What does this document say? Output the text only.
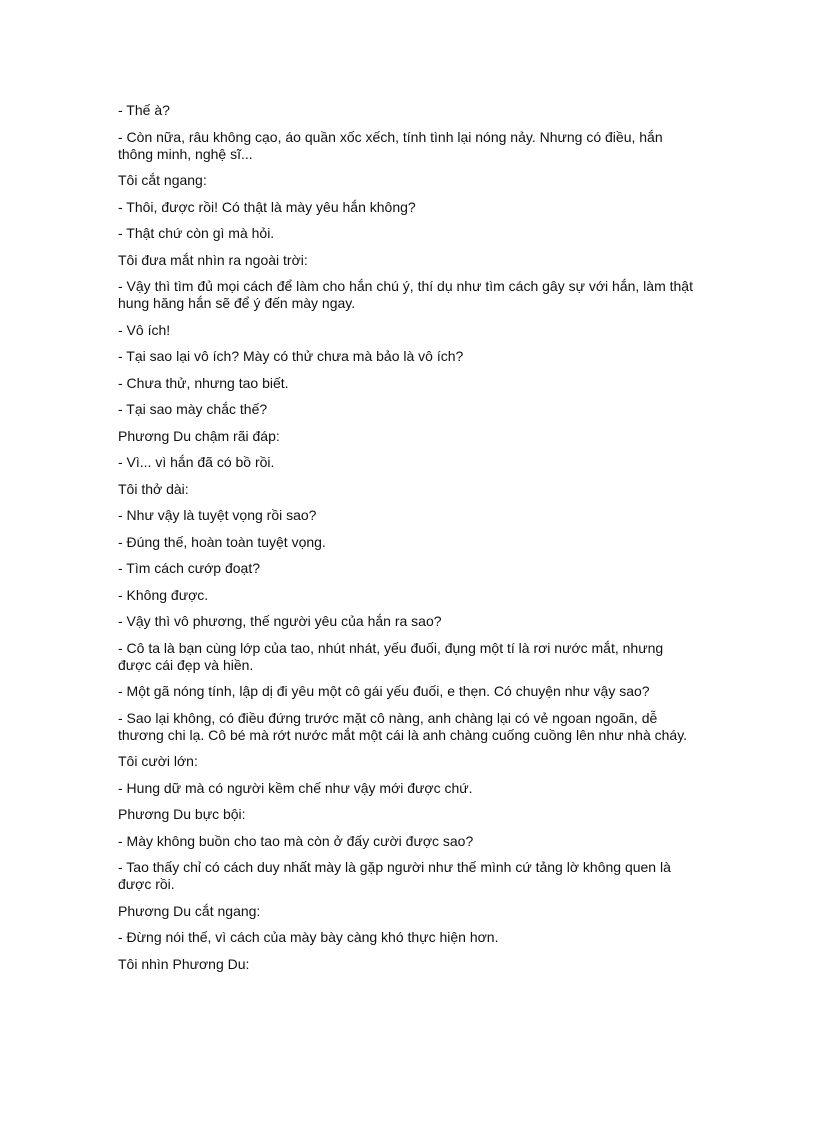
- Thế à?

- Còn nữa, râu không cạo, áo quần xốc xếch, tính tình lại nóng nảy. Nhưng có điều, hắn thông minh, nghệ sĩ...

Tôi cắt ngang:

- Thôi, được rồi! Có thật là mày yêu hắn không?

- Thật chứ còn gì mà hỏi.

Tôi đưa mắt nhìn ra ngoài trời:

- Vậy thì tìm đủ mọi cách để làm cho hắn chú ý, thí dụ như tìm cách gây sự với hắn, làm thật hung hăng hắn sẽ để ý đến mày ngay.

- Vô ích!

- Tại sao lại vô ích? Mày có thử chưa mà bảo là vô ích?

- Chưa thử, nhưng tao biết.

- Tại sao mày chắc thế?

Phương Du chậm rãi đáp:

- Vì... vì hắn đã có bồ rồi.

Tôi thở dài:

- Như vậy là tuyệt vọng rồi sao?

- Đúng thế, hoàn toàn tuyệt vọng.

- Tìm cách cướp đoạt?

- Không được.

- Vậy thì vô phương, thế người yêu của hắn ra sao?

- Cô ta là bạn cùng lớp của tao, nhút nhát, yếu đuối, đụng một tí là rơi nước mắt, nhưng được cái đẹp và hiền.

- Một gã nóng tính, lập dị đi yêu một cô gái yếu đuối, e thẹn. Có chuyện như vậy sao?

- Sao lại không, có điều đứng trước mặt cô nàng, anh chàng lại có vẻ ngoan ngoãn, dễ thương chi lạ. Cô bé mà rớt nước mắt một cái là anh chàng cuống cuồng lên như nhà cháy.

Tôi cười lớn:

- Hung dữ mà có người kềm chế như vậy mới được chứ.

Phương Du bực bội:

- Mày không buồn cho tao mà còn ở đấy cười được sao?

- Tao thấy chỉ có cách duy nhất mày là gặp người như thế mình cứ tảng lờ không quen là được rồi.

Phương Du cắt ngang:

- Đừng nói thế, vì cách của mày bày càng khó thực hiện hơn.

Tôi nhìn Phương Du:
